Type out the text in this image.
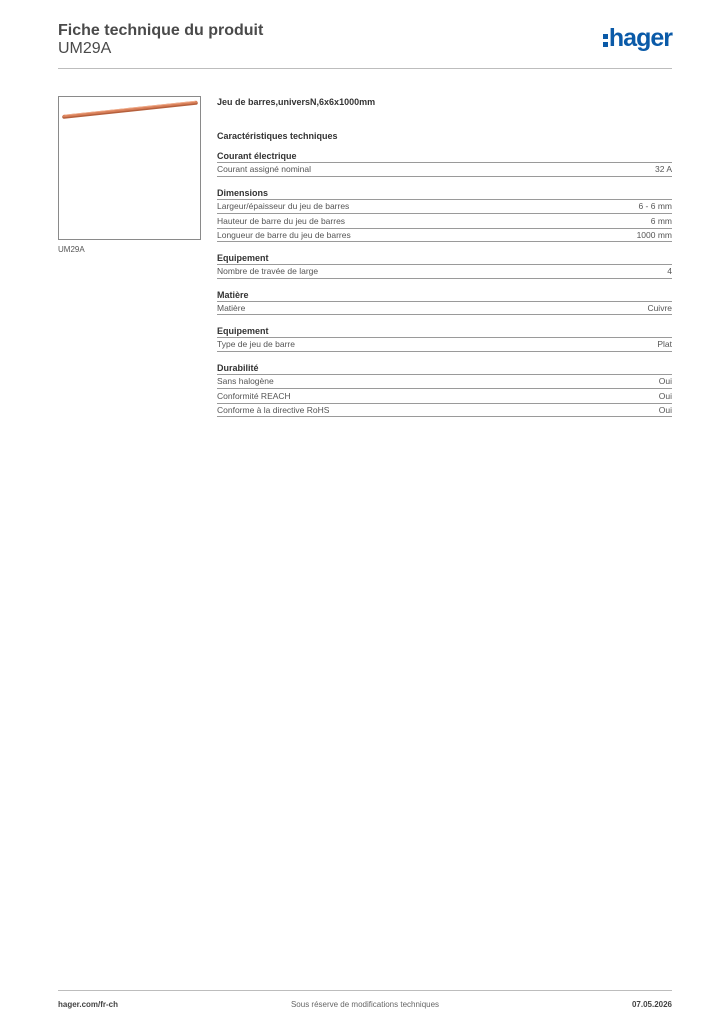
Fiche technique du produit
UM29A	hager
UM29A
Jeu de barres,universN,6x6x1000mm
Caractéristiques techniques
Courant électrique
Courant assigné nominal	32 A
Dimensions
Largeur/épaisseur du jeu de barres	6 - 6 mm
Hauteur de barre du jeu de barres	6 mm
Longueur de barre du jeu de barres	1000 mm
Equipement
Nombre de travée de large	4
Matière
Matière	Cuivre
Equipement
Type de jeu de barre	Plat
Durabilité
Sans halogène	Oui
Conformité REACH	Oui
Conforme à la directive RoHS	Oui
hager.com/fr-ch	Sous réserve de modifications techniques	07.05.2026
